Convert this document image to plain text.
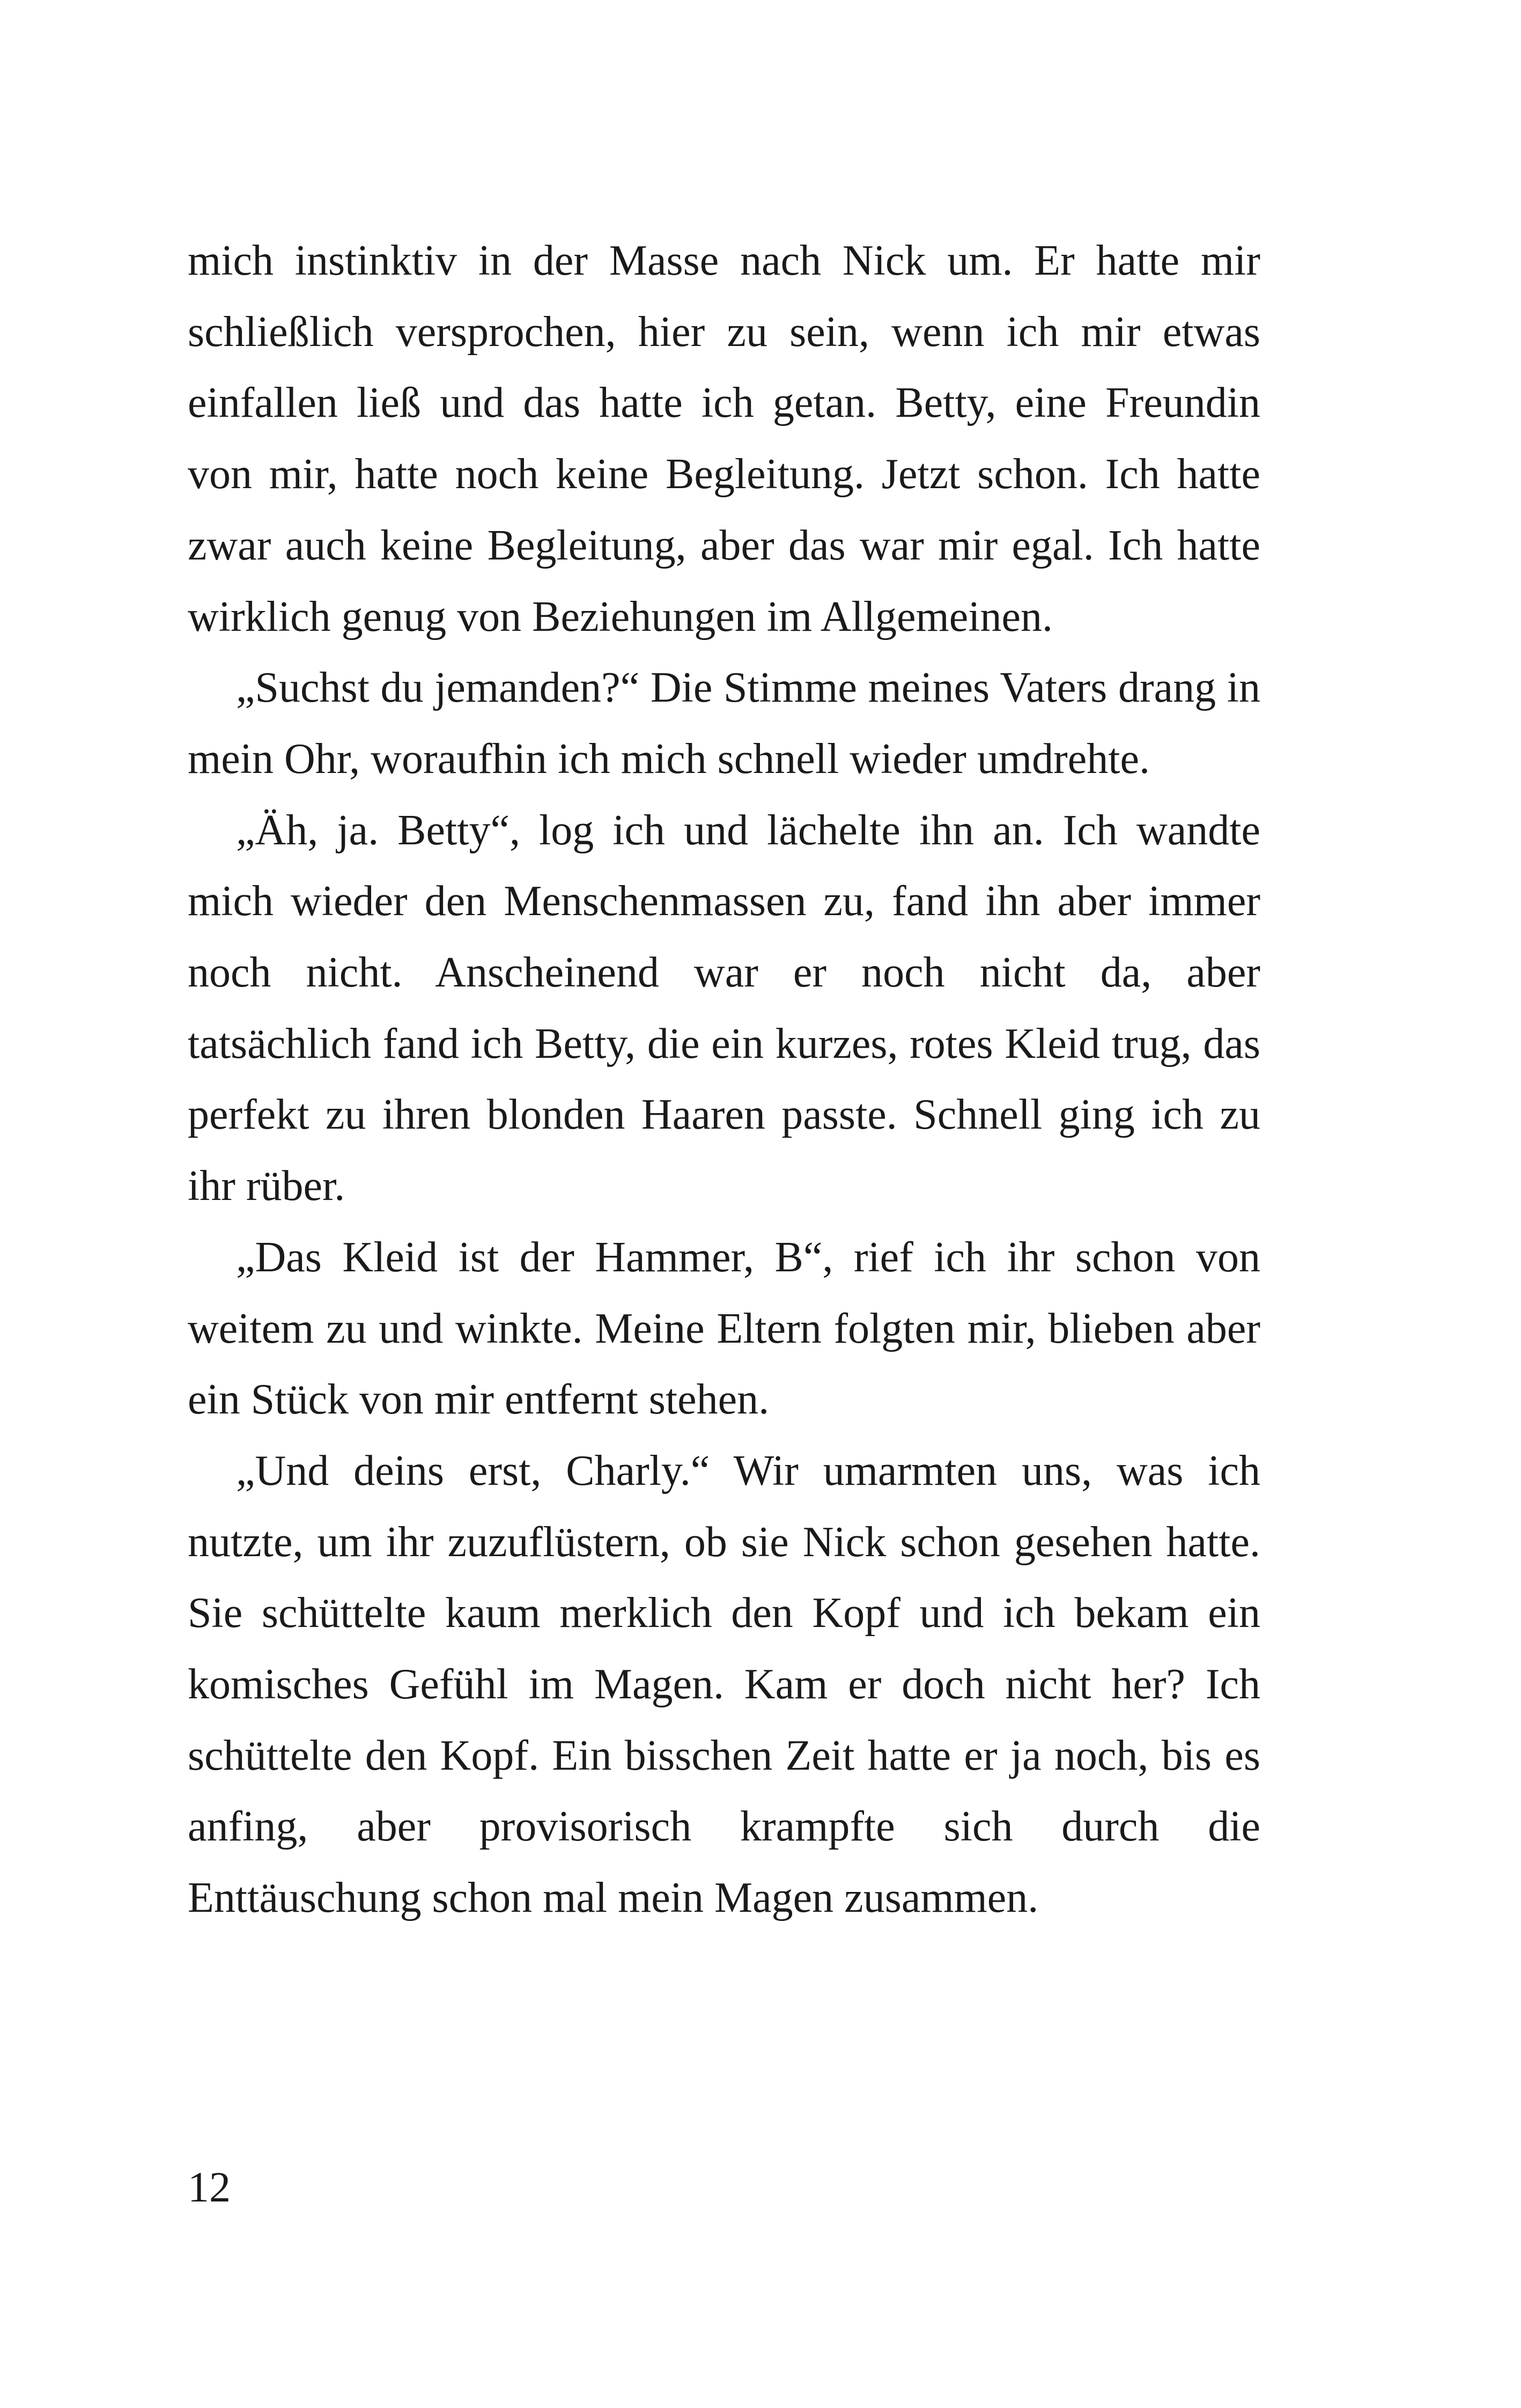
mich instinktiv in der Masse nach Nick um. Er hatte mir schließlich versprochen, hier zu sein, wenn ich mir etwas einfallen ließ und das hatte ich getan. Betty, eine Freundin von mir, hatte noch keine Begleitung. Jetzt schon. Ich hatte zwar auch keine Begleitung, aber das war mir egal. Ich hatte wirklich genug von Beziehungen im Allgemeinen.

„Suchst du jemanden?“ Die Stimme meines Vaters drang in mein Ohr, woraufhin ich mich schnell wieder umdrehte.

„Äh, ja. Betty“, log ich und lächelte ihn an. Ich wandte mich wieder den Menschenmassen zu, fand ihn aber immer noch nicht. Anscheinend war er noch nicht da, aber tatsächlich fand ich Betty, die ein kurzes, rotes Kleid trug, das perfekt zu ihren blonden Haaren passte. Schnell ging ich zu ihr rüber.

„Das Kleid ist der Hammer, B“, rief ich ihr schon von weitem zu und winkte. Meine Eltern folgten mir, blieben aber ein Stück von mir entfernt stehen.

„Und deins erst, Charly.“ Wir umarmten uns, was ich nutzte, um ihr zuzuflüstern, ob sie Nick schon gesehen hatte. Sie schüttelte kaum merklich den Kopf und ich bekam ein komisches Gefühl im Magen. Kam er doch nicht her? Ich schüttelte den Kopf. Ein bisschen Zeit hatte er ja noch, bis es anfing, aber provisorisch krampfte sich durch die Enttäuschung schon mal mein Magen zusammen.

12
